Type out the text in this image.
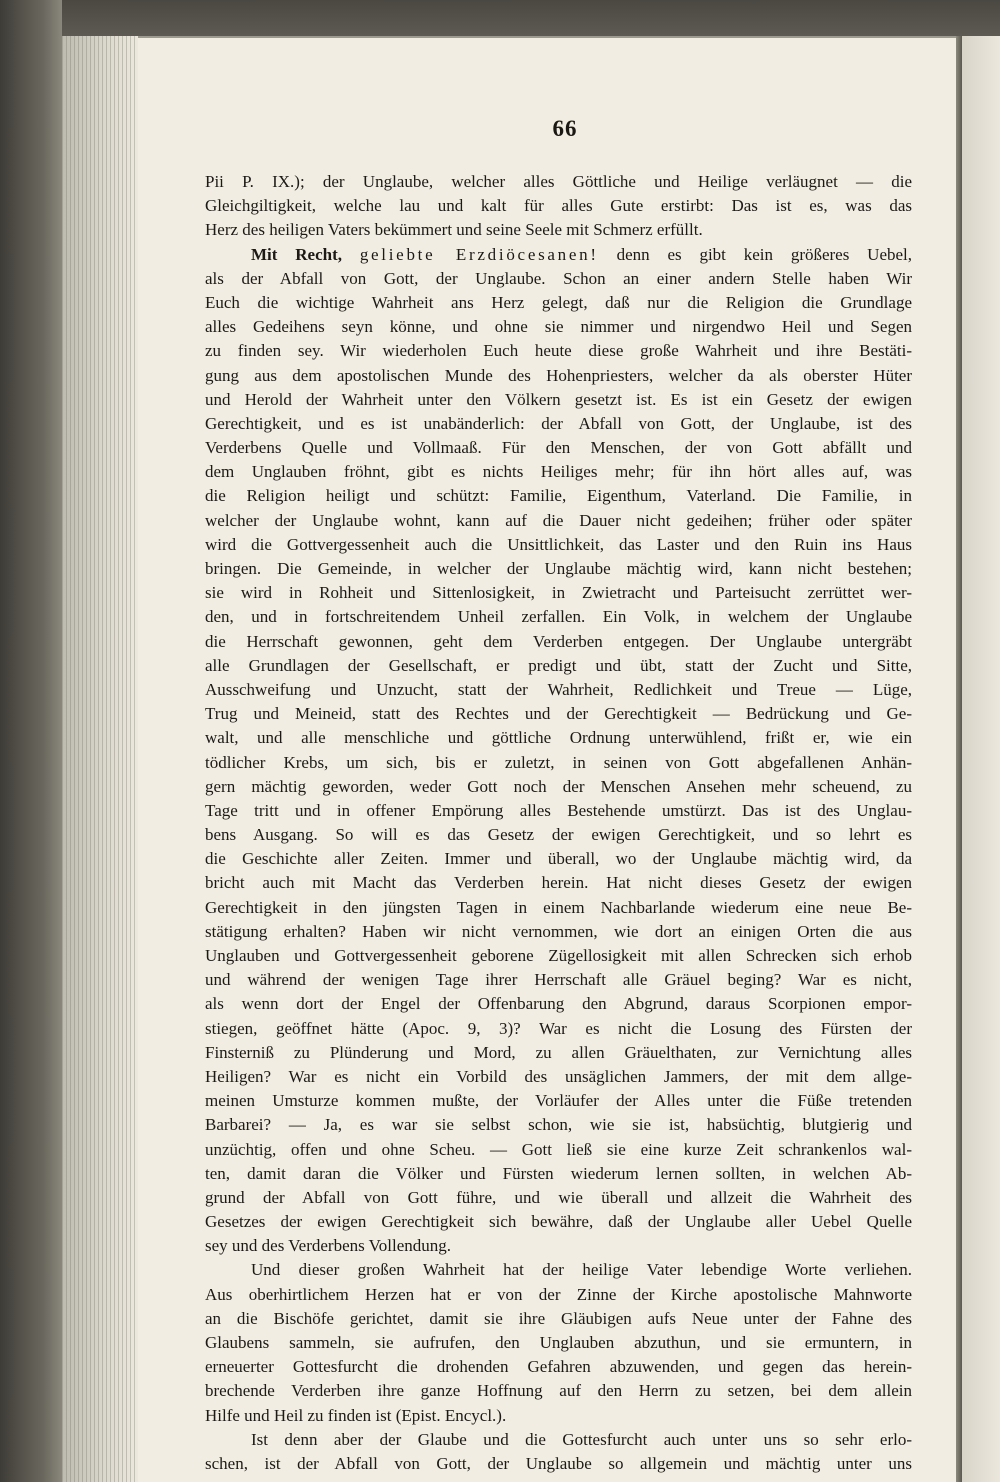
66
Pii P. IX.); der Unglaube, welcher alles Göttliche und Heilige verläugnet — die
Gleichgiltigkeit, welche lau und kalt für alles Gute erstirbt: Das ist es, was das
Herz des heiligen Vaters bekümmert und seine Seele mit Schmerz erfüllt.
Mit Recht, geliebte Erzdiöcesanen! denn es gibt kein größeres Uebel,
als der Abfall von Gott, der Unglaube. Schon an einer andern Stelle haben Wir
Euch die wichtige Wahrheit ans Herz gelegt, daß nur die Religion die Grundlage
alles Gedeihens seyn könne, und ohne sie nimmer und nirgendwo Heil und Segen
zu finden sey. Wir wiederholen Euch heute diese große Wahrheit und ihre Bestäti-
gung aus dem apostolischen Munde des Hohenpriesters, welcher da als oberster Hüter
und Herold der Wahrheit unter den Völkern gesetzt ist. Es ist ein Gesetz der ewigen
Gerechtigkeit, und es ist unabänderlich: der Abfall von Gott, der Unglaube, ist des
Verderbens Quelle und Vollmaaß. Für den Menschen, der von Gott abfällt und
dem Unglauben fröhnt, gibt es nichts Heiliges mehr; für ihn hört alles auf, was
die Religion heiligt und schützt: Familie, Eigenthum, Vaterland. Die Familie, in
welcher der Unglaube wohnt, kann auf die Dauer nicht gedeihen; früher oder später
wird die Gottvergessenheit auch die Unsittlichkeit, das Laster und den Ruin ins Haus
bringen. Die Gemeinde, in welcher der Unglaube mächtig wird, kann nicht bestehen;
sie wird in Rohheit und Sittenlosigkeit, in Zwietracht und Parteisucht zerrüttet wer-
den, und in fortschreitendem Unheil zerfallen. Ein Volk, in welchem der Unglaube
die Herrschaft gewonnen, geht dem Verderben entgegen. Der Unglaube untergräbt
alle Grundlagen der Gesellschaft, er predigt und übt, statt der Zucht und Sitte,
Ausschweifung und Unzucht, statt der Wahrheit, Redlichkeit und Treue — Lüge,
Trug und Meineid, statt des Rechtes und der Gerechtigkeit — Bedrückung und Ge-
walt, und alle menschliche und göttliche Ordnung unterwühlend, frißt er, wie ein
tödlicher Krebs, um sich, bis er zuletzt, in seinen von Gott abgefallenen Anhän-
gern mächtig geworden, weder Gott noch der Menschen Ansehen mehr scheuend, zu
Tage tritt und in offener Empörung alles Bestehende umstürzt. Das ist des Unglau-
bens Ausgang. So will es das Gesetz der ewigen Gerechtigkeit, und so lehrt es
die Geschichte aller Zeiten. Immer und überall, wo der Unglaube mächtig wird, da
bricht auch mit Macht das Verderben herein. Hat nicht dieses Gesetz der ewigen
Gerechtigkeit in den jüngsten Tagen in einem Nachbarlande wiederum eine neue Be-
stätigung erhalten? Haben wir nicht vernommen, wie dort an einigen Orten die aus
Unglauben und Gottvergessenheit geborene Zügellosigkeit mit allen Schrecken sich erhob
und während der wenigen Tage ihrer Herrschaft alle Gräuel beging? War es nicht,
als wenn dort der Engel der Offenbarung den Abgrund, daraus Scorpionen empor-
stiegen, geöffnet hätte (Apoc. 9, 3)? War es nicht die Losung des Fürsten der
Finsterniß zu Plünderung und Mord, zu allen Gräuelthaten, zur Vernichtung alles
Heiligen? War es nicht ein Vorbild des unsäglichen Jammers, der mit dem allge-
meinen Umsturze kommen mußte, der Vorläufer der Alles unter die Füße tretenden
Barbarei? — Ja, es war sie selbst schon, wie sie ist, habsüchtig, blutgierig und
unzüchtig, offen und ohne Scheu. — Gott ließ sie eine kurze Zeit schrankenlos wal-
ten, damit daran die Völker und Fürsten wiederum lernen sollten, in welchen Ab-
grund der Abfall von Gott führe, und wie überall und allzeit die Wahrheit des
Gesetzes der ewigen Gerechtigkeit sich bewähre, daß der Unglaube aller Uebel Quelle
sey und des Verderbens Vollendung.
Und dieser großen Wahrheit hat der heilige Vater lebendige Worte verliehen.
Aus oberhirtlichem Herzen hat er von der Zinne der Kirche apostolische Mahnworte
an die Bischöfe gerichtet, damit sie ihre Gläubigen aufs Neue unter der Fahne des
Glaubens sammeln, sie aufrufen, den Unglauben abzuthun, und sie ermuntern, in
erneuerter Gottesfurcht die drohenden Gefahren abzuwenden, und gegen das herein-
brechende Verderben ihre ganze Hoffnung auf den Herrn zu setzen, bei dem allein
Hilfe und Heil zu finden ist (Epist. Encycl.).
Ist denn aber der Glaube und die Gottesfurcht auch unter uns so sehr erlo-
schen, ist der Abfall von Gott, der Unglaube so allgemein und mächtig unter uns
